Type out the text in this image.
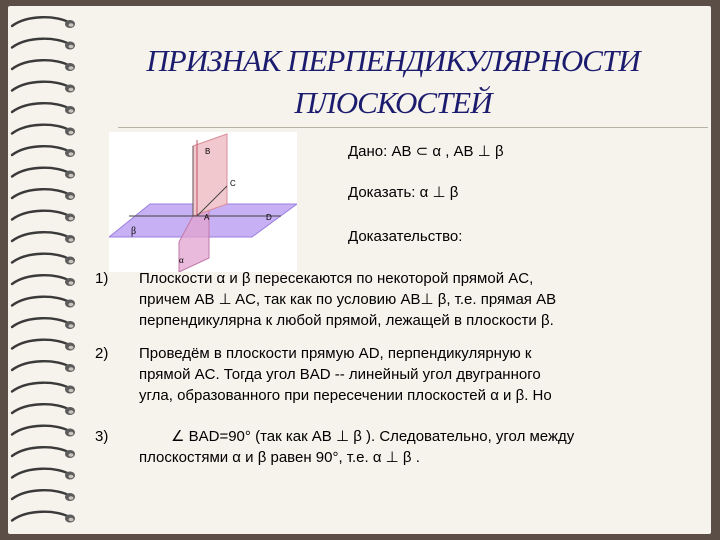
ПРИЗНАК ПЕРПЕНДИКУЛЯРНОСТИ
ПЛОСКОСТЕЙ
B
C
A	D
β
α
Дано: AB ⊂ α , AB ⊥ β
Доказать: α ⊥ β
Доказательство:
1) Плоскости α и β пересекаются по некоторой прямой AC,
причем AB ⊥ AC, так как по условию AB⊥ β, т.е. прямая AB
перпендикулярна к любой прямой, лежащей в плоскости β.
2) Проведём в плоскости прямую AD, перпендикулярную к
прямой AC. Тогда угол BAD -- линейный угол двугранного
угла, образованного при пересечении плоскостей α и β. Но
3)	∠ BAD=90° (так как AB ⊥ β ). Следовательно, угол между
плоскостями α и β равен 90°, т.е. α ⊥ β .
